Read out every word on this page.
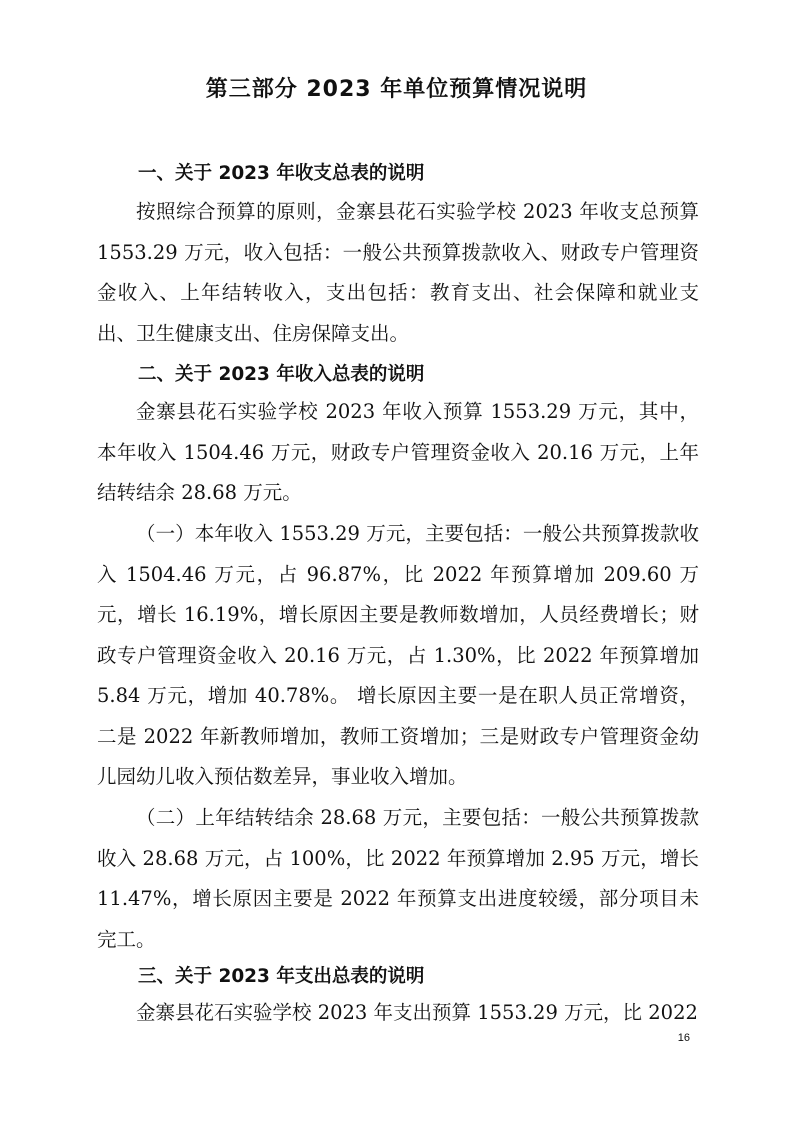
第三部分 2023 年单位预算情况说明
一、关于 2023 年收支总表的说明

按照综合预算的原则，金寨县花石实验学校 2023 年收支总预算 1553.29 万元，收入包括：一般公共预算拨款收入、财政专户管理资金收入、上年结转收入，支出包括：教育支出、社会保障和就业支出、卫生健康支出、住房保障支出。

二、关于 2023 年收入总表的说明

金寨县花石实验学校 2023 年收入预算 1553.29 万元，其中，本年收入 1504.46 万元，财政专户管理资金收入 20.16 万元，上年结转结余 28.68 万元。

（一）本年收入 1553.29 万元，主要包括：一般公共预算拨款收入 1504.46 万元，占 96.87%，比 2022 年预算增加 209.60 万元，增长 16.19%，增长原因主要是教师数增加，人员经费增长；财政专户管理资金收入 20.16 万元，占 1.30%，比 2022 年预算增加 5.84 万元，增加 40.78%。 增长原因主要一是在职人员正常增资，二是 2022 年新教师增加，教师工资增加；三是财政专户管理资金幼儿园幼儿收入预估数差异，事业收入增加。

（二）上年结转结余 28.68 万元，主要包括：一般公共预算拨款收入 28.68 万元，占 100%，比 2022 年预算增加 2.95 万元，增长 11.47%，增长原因主要是 2022 年预算支出进度较缓，部分项目未完工。

三、关于 2023 年支出总表的说明

金寨县花石实验学校 2023 年支出预算 1553.29 万元，比 2022

16
